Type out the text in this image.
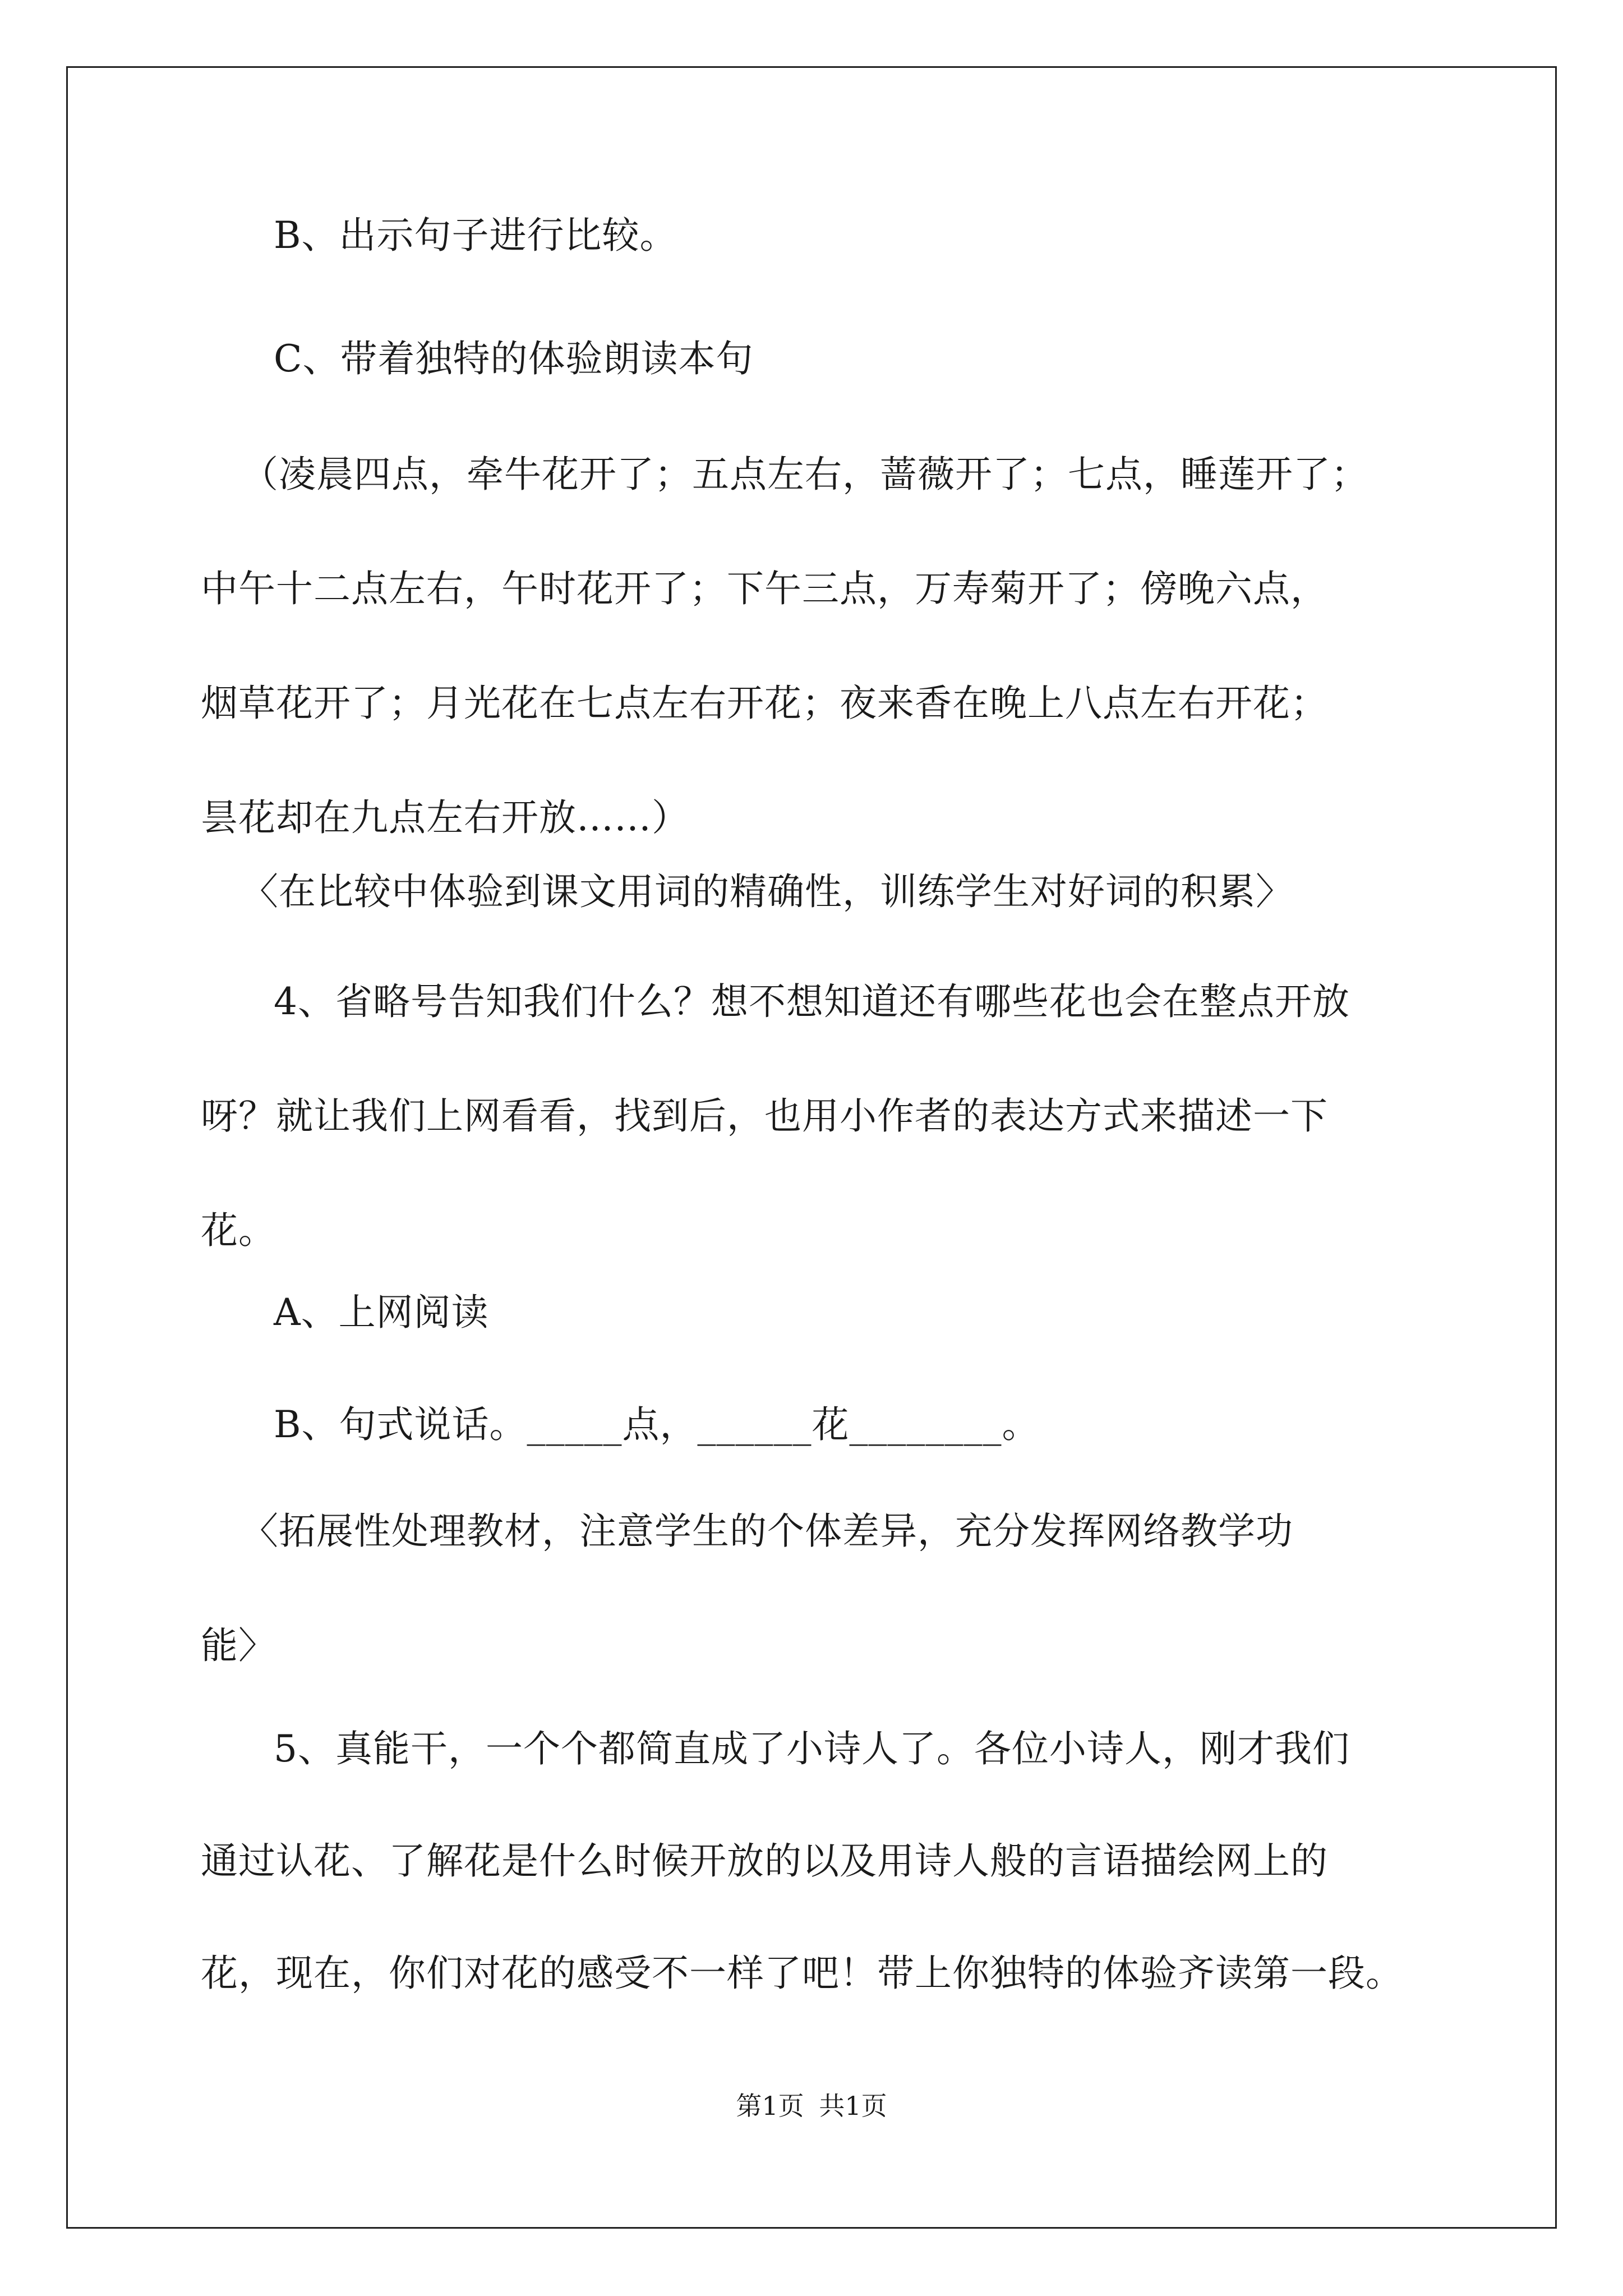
B、出示句子进行比较。
C、带着独特的体验朗读本句
（凌晨四点，牵牛花开了；五点左右，蔷薇开了；七点，睡莲开了；
中午十二点左右，午时花开了；下午三点，万寿菊开了；傍晚六点，
烟草花开了；月光花在七点左右开花；夜来香在晚上八点左右开花；
昙花却在九点左右开放……）
〈在比较中体验到课文用词的精确性，训练学生对好词的积累〉
4、省略号告知我们什么？想不想知道还有哪些花也会在整点开放
呀？就让我们上网看看，找到后，也用小作者的表达方式来描述一下
花。
A、上网阅读
B、句式说话。_____点，______花________。
〈拓展性处理教材，注意学生的个体差异，充分发挥网络教学功
能〉
5、真能干，一个个都简直成了小诗人了。各位小诗人，刚才我们
通过认花、了解花是什么时候开放的以及用诗人般的言语描绘网上的
花，现在，你们对花的感受不一样了吧！带上你独特的体验齐读第一段。
第1页 共1页
